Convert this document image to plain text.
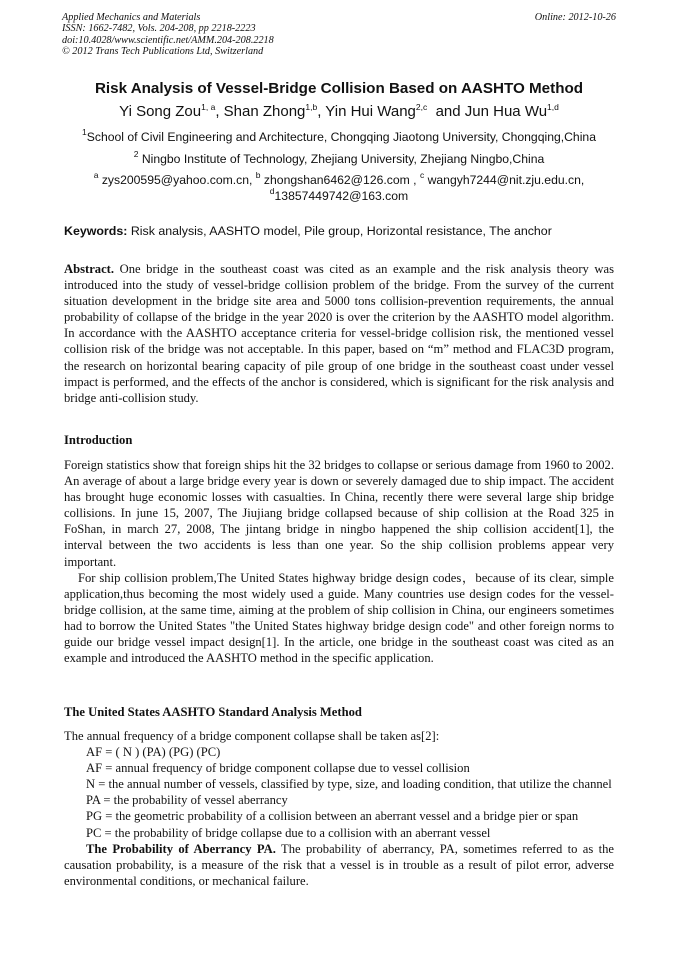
Applied Mechanics and Materials
ISSN: 1662-7482, Vols. 204-208, pp 2218-2223
doi:10.4028/www.scientific.net/AMM.204-208.2218
© 2012 Trans Tech Publications Ltd, Switzerland
Online: 2012-10-26
Risk Analysis of Vessel-Bridge Collision Based on AASHTO Method
Yi Song Zou$^{1, a}$, Shan Zhong$^{1,b}$, Yin Hui Wang$^{2,c}$ and Jun Hua Wu$^{1,d}$
$^1$School of Civil Engineering and Architecture, Chongqing Jiaotong University, Chongqing,China
$^2$ Ningbo Institute of Technology, Zhejiang University, Zhejiang Ningbo,China
$^a$ zys200595@yahoo.com.cn, $^b$ zhongshan6462@126.com , $^c$ wangyh7244@nit.zju.edu.cn,
$^d$13857449742@163.com
Keywords: Risk analysis, AASHTO model, Pile group, Horizontal resistance, The anchor
Abstract. One bridge in the southeast coast was cited as an example and the risk analysis theory was introduced into the study of vessel-bridge collision problem of the bridge. From the survey of the current situation development in the bridge site area and 5000 tons collision-prevention requirements, the annual probability of collapse of the bridge in the year 2020 is over the criterion by the AASHTO model algorithm. In accordance with the AASHTO acceptance criteria for vessel-bridge collision risk, the mentioned vessel collision risk of the bridge was not acceptable. In this paper, based on “m” method and FLAC3D program, the research on horizontal bearing capacity of pile group of one bridge in the southeast coast under vessel impact is performed, and the effects of the anchor is considered, which is significant for the risk analysis and bridge anti-collision study.
Introduction
Foreign statistics show that foreign ships hit the 32 bridges to collapse or serious damage from 1960 to 2002. An average of about a large bridge every year is down or severely damaged due to ship impact. The accident has brought huge economic losses with casualties. In China, recently there were several large ship bridge collisions. In june 15, 2007, The Jiujiang bridge collapsed because of ship collision at the Road 325 in FoShan, in march 27, 2008, The jintang bridge in ningbo happened the ship collision accident[1], the interval between the two accidents is less than one year. So the ship collision problems appear very important.
For ship collision problem,The United States highway bridge design codes，because of its clear, simple application,thus becoming the most widely used a guide. Many countries use design codes for the vessel-bridge collision, at the same time, aiming at the problem of ship collision in China, our engineers sometimes had to borrow the United States "the United States highway bridge design code" and other foreign norms to guide our bridge vessel impact design[1]. In the article, one bridge in the southeast coast was cited as an example and introduced the AASHTO method in the specific application.
The United States AASHTO Standard Analysis Method
The annual frequency of a bridge component collapse shall be taken as[2]:
AF = ( N ) (PA) (PG) (PC)
AF = annual frequency of bridge component collapse due to vessel collision
N = the annual number of vessels, classified by type, size, and loading condition, that utilize the channel
PA = the probability of vessel aberrancy
PG = the geometric probability of a collision between an aberrant vessel and a bridge pier or span
PC = the probability of bridge collapse due to a collision with an aberrant vessel
The Probability of Aberrancy PA. The probability of aberrancy, PA, sometimes referred to as the causation probability, is a measure of the risk that a vessel is in trouble as a result of pilot error, adverse environmental conditions, or mechanical failure.
